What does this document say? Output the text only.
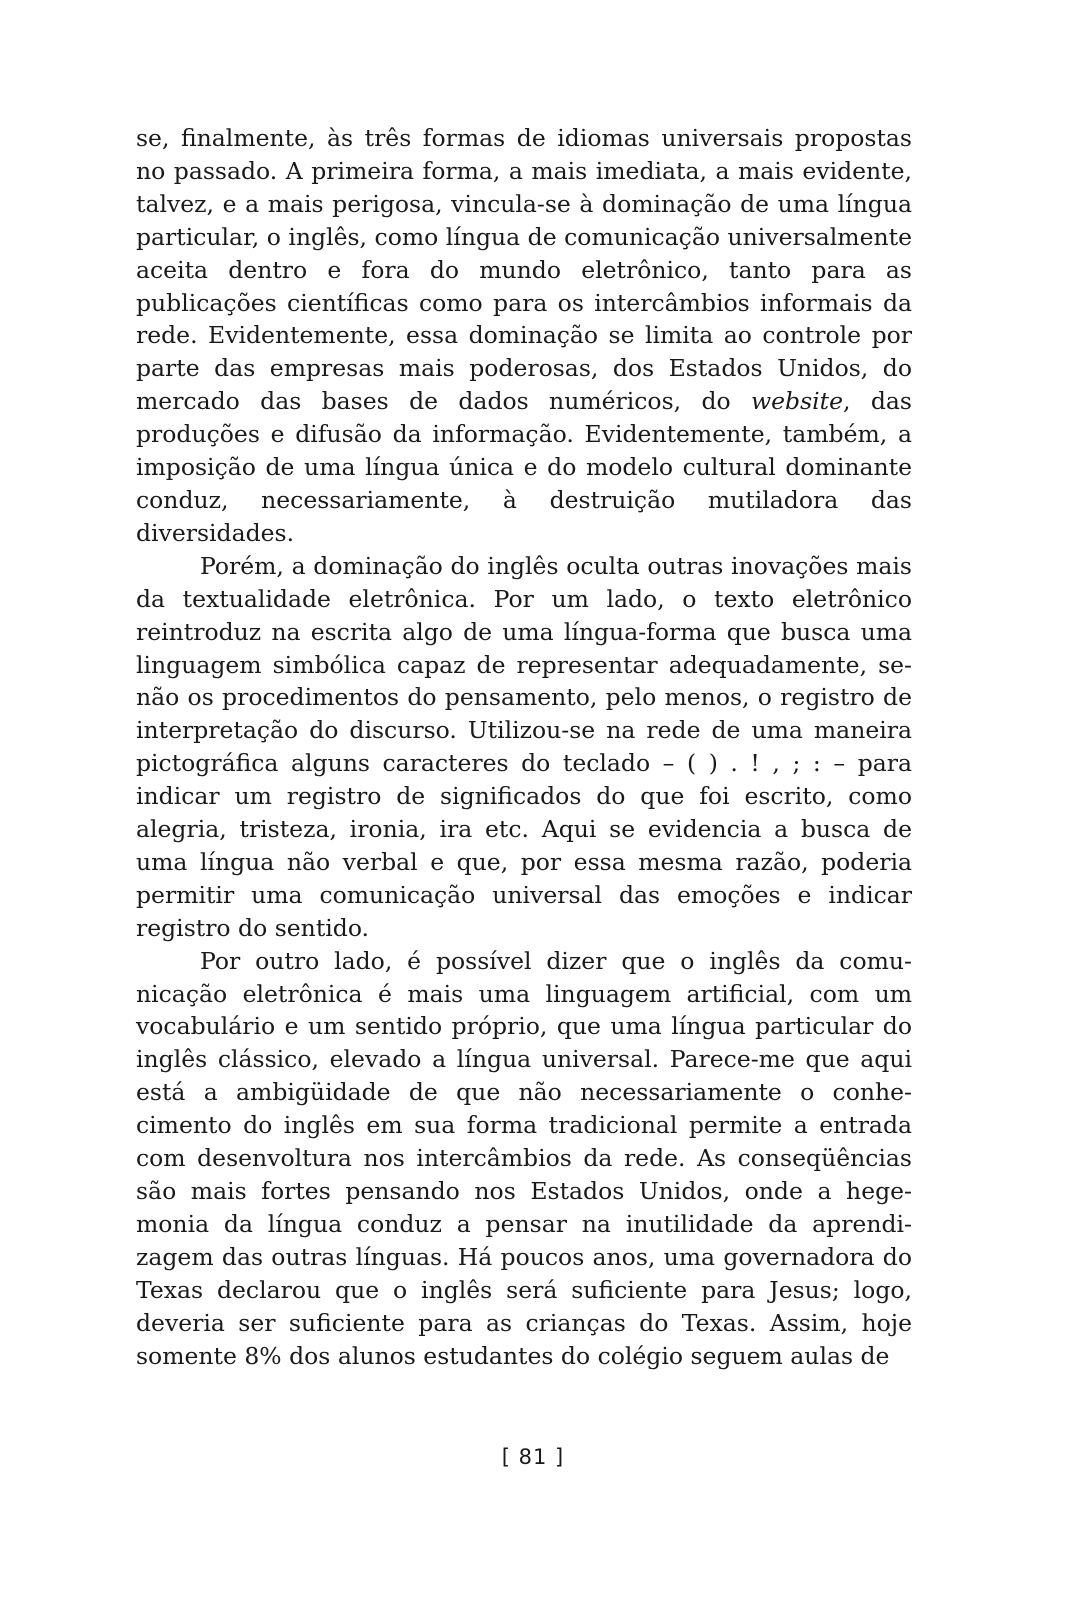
se, finalmente, às três formas de idiomas universais propostas no passado. A primeira forma, a mais imediata, a mais evidente, talvez, e a mais perigosa, vincula-se à dominação de uma língua particular, o inglês, como língua de comunicação universalmente aceita dentro e fora do mundo eletrônico, tanto para as publicações científicas como para os intercâmbios informais da rede. Evidentemente, essa dominação se limita ao controle por parte das empresas mais poderosas, dos Estados Unidos, do mercado das bases de dados numéricos, do website, das produções e difusão da informação. Evidentemente, também, a imposição de uma língua única e do modelo cultural dominante conduz, necessariamente, à destruição mutiladora das diversidades.

Porém, a dominação do inglês oculta outras inovações mais da textualidade eletrônica. Por um lado, o texto eletrônico reintroduz na escrita algo de uma língua-forma que busca uma linguagem simbólica capaz de representar adequadamente, senão os procedimentos do pensamento, pelo menos, o registro de interpretação do discurso. Utilizou-se na rede de uma maneira pictográfica alguns caracteres do teclado – ( ) . ! , ; : – para indicar um registro de significados do que foi escrito, como alegria, tristeza, ironia, ira etc. Aqui se evidencia a busca de uma língua não verbal e que, por essa mesma razão, poderia permitir uma comunicação universal das emoções e indicar registro do sentido.

Por outro lado, é possível dizer que o inglês da comunicação eletrônica é mais uma linguagem artificial, com um vocabulário e um sentido próprio, que uma língua particular do inglês clássico, elevado a língua universal. Parece-me que aqui está a ambigüidade de que não necessariamente o conhecimento do inglês em sua forma tradicional permite a entrada com desenvoltura nos intercâmbios da rede. As conseqüências são mais fortes pensando nos Estados Unidos, onde a hegemonia da língua conduz a pensar na inutilidade da aprendizagem das outras línguas. Há poucos anos, uma governadora do Texas declarou que o inglês será suficiente para Jesus; logo, deveria ser suficiente para as crianças do Texas. Assim, hoje somente 8% dos alunos estudantes do colégio seguem aulas de

[ 81 ]
